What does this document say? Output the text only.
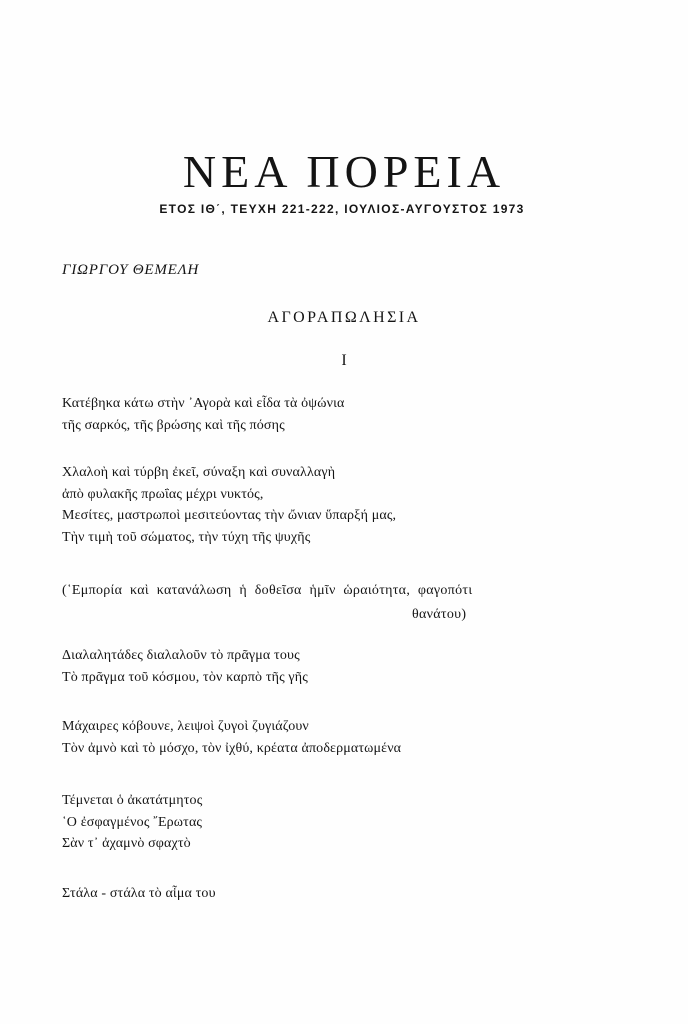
ΝΕΑ ΠΟΡΕΙΑ
ΕΤΟΣ ΙΘ΄, ΤΕΥΧΗ 221-222, ΙΟΥΛΙΟΣ-ΑΥΓΟΥΣΤΟΣ 1973
ΓΙΩΡΓΟΥ ΘΕΜΕΛΗ
ΑΓΟΡΑΠΩΛΗΣΙΑ
Ι
Κατέβηκα κάτω στὴν ᾿Αγορὰ καὶ εἶδα τὰ ὀψώνια
τῆς σαρκός, τῆς βρώσης καὶ τῆς πόσης
Χλαλοὴ καὶ τύρβη ἐκεῖ, σύναξη καὶ συναλλαγὴ
ἀπὸ φυλακῆς πρωΐας μέχρι νυκτός,
Μεσίτες, μαστρωποὶ μεσιτεύοντας τὴν ὤνιαν ὕπαρξή μας,
Τὴν τιμὴ τοῦ σώματος, τὴν τύχη τῆς ψυχῆς
(῾Εμπορία καὶ κατανάλωση ἡ δοθεῖσα ἡμῖν ὡραιότητα, φαγοπότι
θανάτου)
Διαλαλητάδες διαλαλοῦν τὸ πρᾶγμα τους
Τὸ πρᾶγμα τοῦ κόσμου, τὸν καρπὸ τῆς γῆς
Μάχαιρες κόβουνε, λειψοὶ ζυγοὶ ζυγιάζουν
Τὸν ἀμνὸ καὶ τὸ μόσχο, τὸν ἰχθύ, κρέατα ἀποδερματωμένα
Τέμνεται ὁ ἀκατάτμητος
῾Ο ἐσφαγμένος ῎Ερωτας
Σὰν τ᾿ ἀχαμνὸ σφαχτὸ
Στάλα - στάλα τὸ αἷμα του
